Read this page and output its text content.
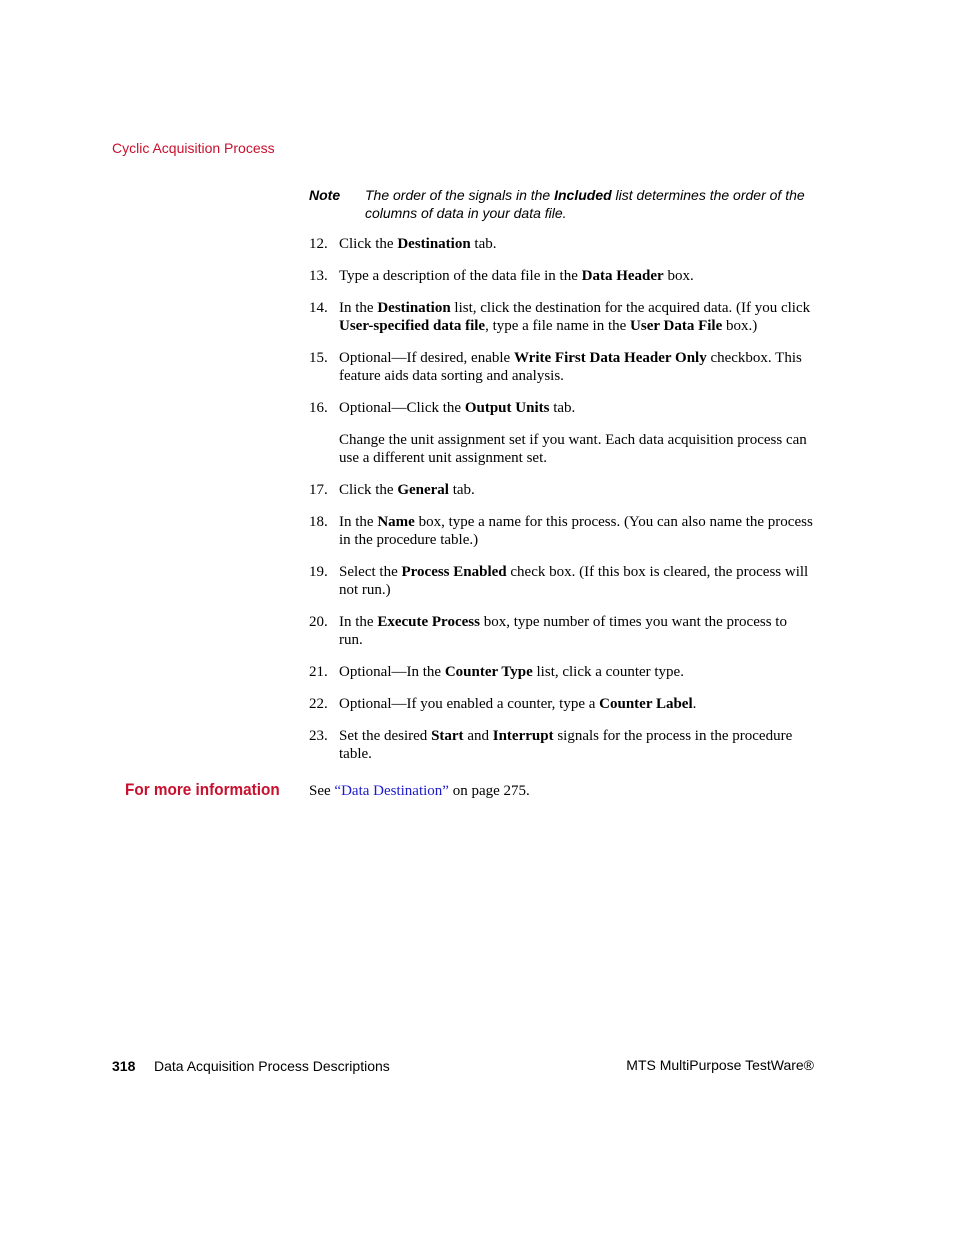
Cyclic Acquisition Process
Note The order of the signals in the Included list determines the order of the columns of data in your data file.
12. Click the Destination tab.
13. Type a description of the data file in the Data Header box.
14. In the Destination list, click the destination for the acquired data. (If you click User-specified data file, type a file name in the User Data File box.)
15. Optional—If desired, enable Write First Data Header Only checkbox. This feature aids data sorting and analysis.
16. Optional—Click the Output Units tab.
Change the unit assignment set if you want. Each data acquisition process can use a different unit assignment set.
17. Click the General tab.
18. In the Name box, type a name for this process. (You can also name the process in the procedure table.)
19. Select the Process Enabled check box. (If this box is cleared, the process will not run.)
20. In the Execute Process box, type number of times you want the process to run.
21. Optional—In the Counter Type list, click a counter type.
22. Optional—If you enabled a counter, type a Counter Label.
23. Set the desired Start and Interrupt signals for the process in the procedure table.
For more information See “Data Destination” on page 275.
318 Data Acquisition Process Descriptions	MTS MultiPurpose TestWare®
